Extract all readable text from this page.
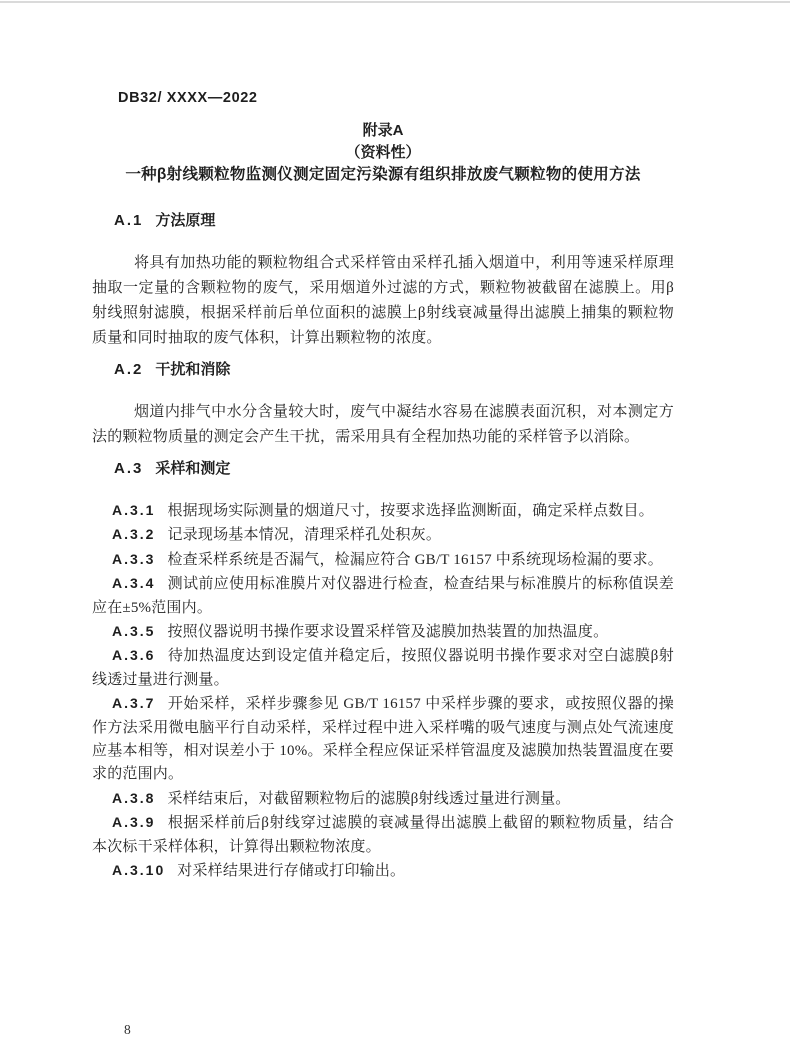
DB32/ XXXX—2022
附录A
（资料性）
一种β射线颗粒物监测仪测定固定污染源有组织排放废气颗粒物的使用方法
A.1 方法原理

将具有加热功能的颗粒物组合式采样管由采样孔插入烟道中，利用等速采样原理抽取一定量的含颗粒物的废气，采用烟道外过滤的方式，颗粒物被截留在滤膜上。用β射线照射滤膜，根据采样前后单位面积的滤膜上β射线衰减量得出滤膜上捕集的颗粒物质量和同时抽取的废气体积，计算出颗粒物的浓度。

A.2 干扰和消除

烟道内排气中水分含量较大时，废气中凝结水容易在滤膜表面沉积，对本测定方法的颗粒物质量的测定会产生干扰，需采用具有全程加热功能的采样管予以消除。

A.3 采样和测定

A.3.1 根据现场实际测量的烟道尺寸，按要求选择监测断面，确定采样点数目。

A.3.2 记录现场基本情况，清理采样孔处积灰。

A.3.3 检查采样系统是否漏气，检漏应符合 GB/T 16157 中系统现场检漏的要求。

A.3.4 测试前应使用标准膜片对仪器进行检查，检查结果与标准膜片的标称值误差应在±5%范围内。

A.3.5 按照仪器说明书操作要求设置采样管及滤膜加热装置的加热温度。

A.3.6 待加热温度达到设定值并稳定后，按照仪器说明书操作要求对空白滤膜β射线透过量进行测量。

A.3.7 开始采样，采样步骤参见 GB/T 16157 中采样步骤的要求，或按照仪器的操作方法采用微电脑平行自动采样，采样过程中进入采样嘴的吸气速度与测点处气流速度应基本相等，相对误差小于 10%。采样全程应保证采样管温度及滤膜加热装置温度在要求的范围内。

A.3.8 采样结束后，对截留颗粒物后的滤膜β射线透过量进行测量。

A.3.9 根据采样前后β射线穿过滤膜的衰减量得出滤膜上截留的颗粒物质量，结合本次标干采样体积，计算得出颗粒物浓度。

A.3.10 对采样结果进行存储或打印输出。

8
